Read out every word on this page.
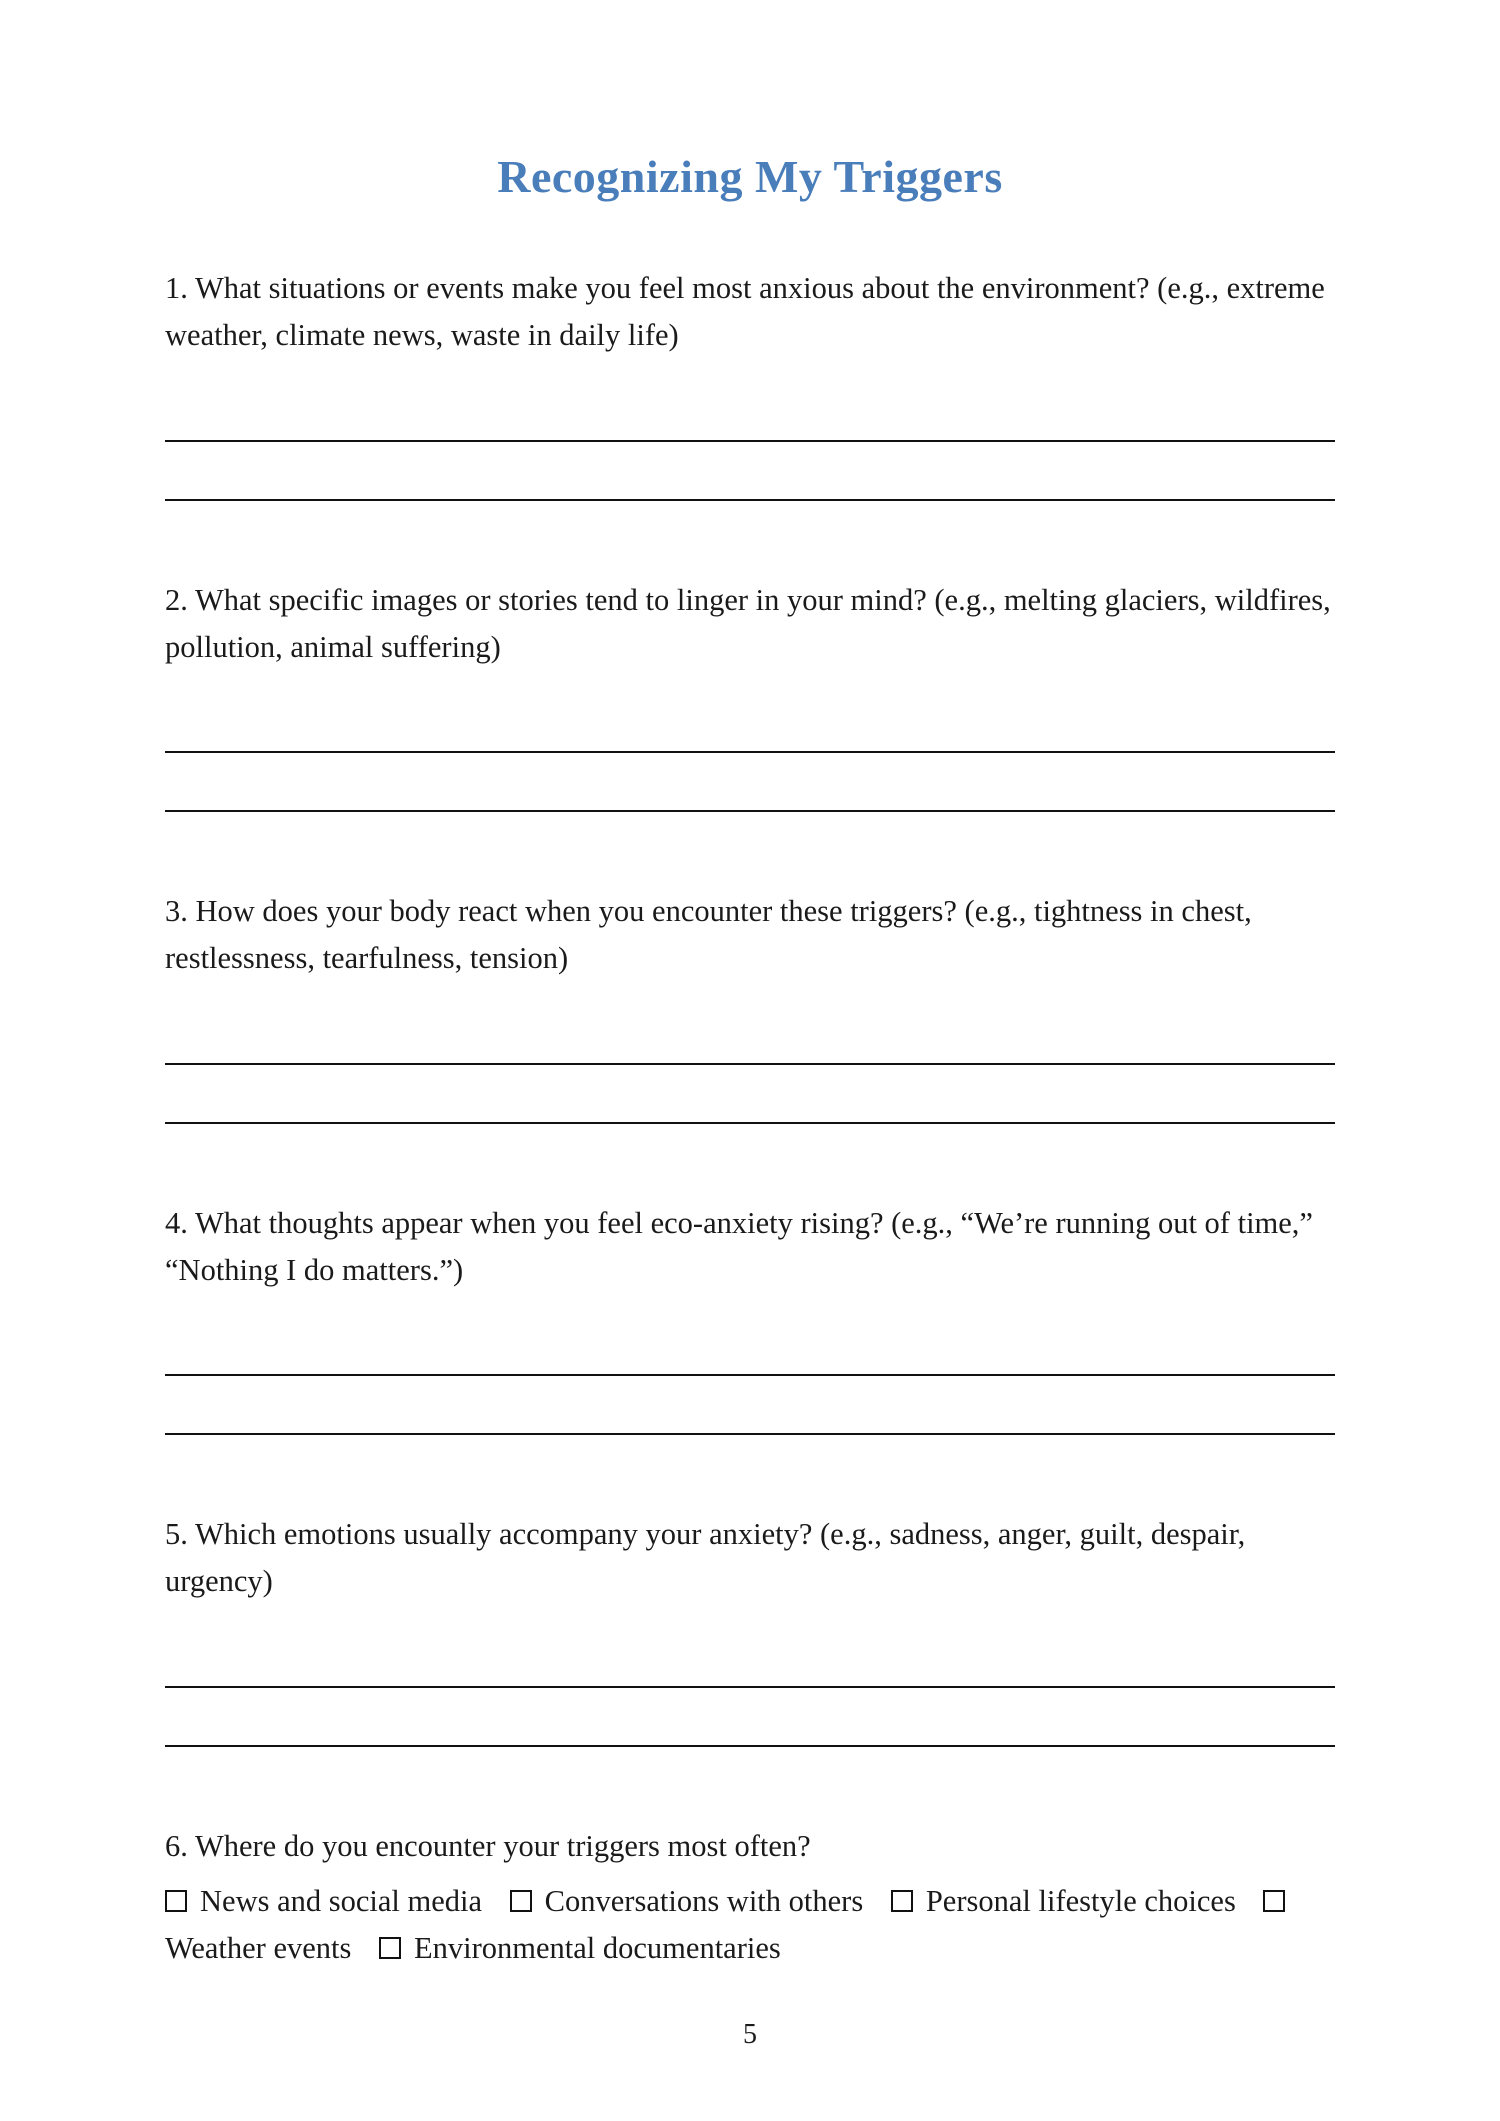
Recognizing My Triggers

1. What situations or events make you feel most anxious about the environment? (e.g., extreme weather, climate news, waste in daily life)

2. What specific images or stories tend to linger in your mind? (e.g., melting glaciers, wildfires, pollution, animal suffering)

3. How does your body react when you encounter these triggers? (e.g., tightness in chest, restlessness, tearfulness, tension)

4. What thoughts appear when you feel eco-anxiety rising? (e.g., “We’re running out of time,” “Nothing I do matters.”)

5. Which emotions usually accompany your anxiety? (e.g., sadness, anger, guilt, despair, urgency)

6. Where do you encounter your triggers most often?

News and social media Conversations with others Personal lifestyle choices Weather events Environmental documentaries

5
